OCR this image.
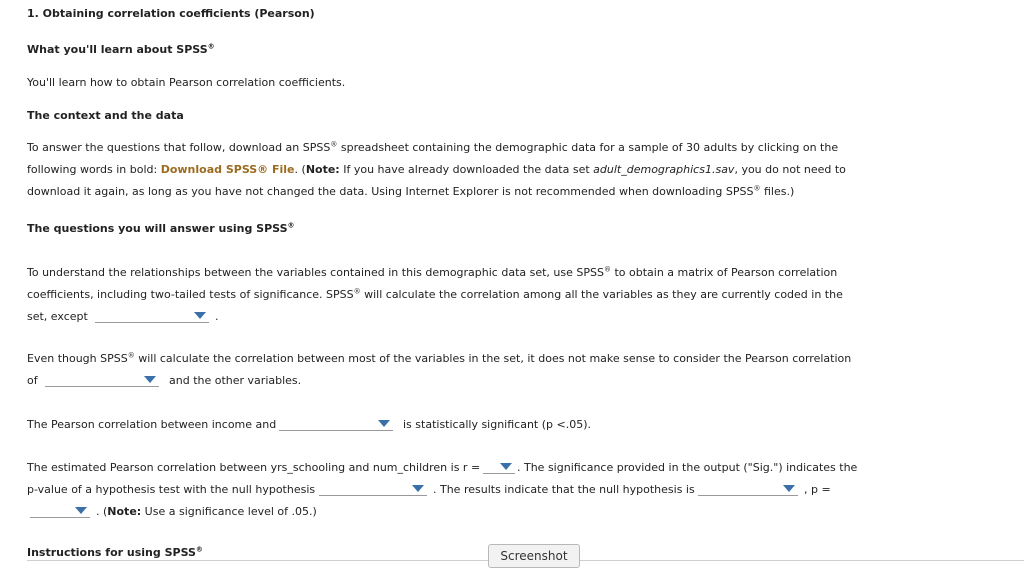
1. Obtaining correlation coefficients (Pearson)
What you'll learn about SPSS®
You'll learn how to obtain Pearson correlation coefficients.
The context and the data
To answer the questions that follow, download an SPSS® spreadsheet containing the demographic data for a sample of 30 adults by clicking on the
following words in bold: Download SPSS® File. (Note: If you have already downloaded the data set adult_demographics1.sav, you do not need to
download it again, as long as you have not changed the data. Using Internet Explorer is not recommended when downloading SPSS® files.)
The questions you will answer using SPSS®
To understand the relationships between the variables contained in this demographic data set, use SPSS® to obtain a matrix of Pearson correlation
coefficients, including two-tailed tests of significance. SPSS® will calculate the correlation among all the variables as they are currently coded in the
set, except	.
Even though SPSS® will calculate the correlation between most of the variables in the set, it does not make sense to consider the Pearson correlation
of	and the other variables.
The Pearson correlation between income and	is statistically significant (p <.05).
The estimated Pearson correlation between yrs_schooling and num_children is r =	. The significance provided in the output ("Sig.") indicates the
p-value of a hypothesis test with the null hypothesis	. The results indicate that the null hypothesis is	, p =
. (Note: Use a significance level of .05.)
Instructions for using SPSS®	Screenshot
